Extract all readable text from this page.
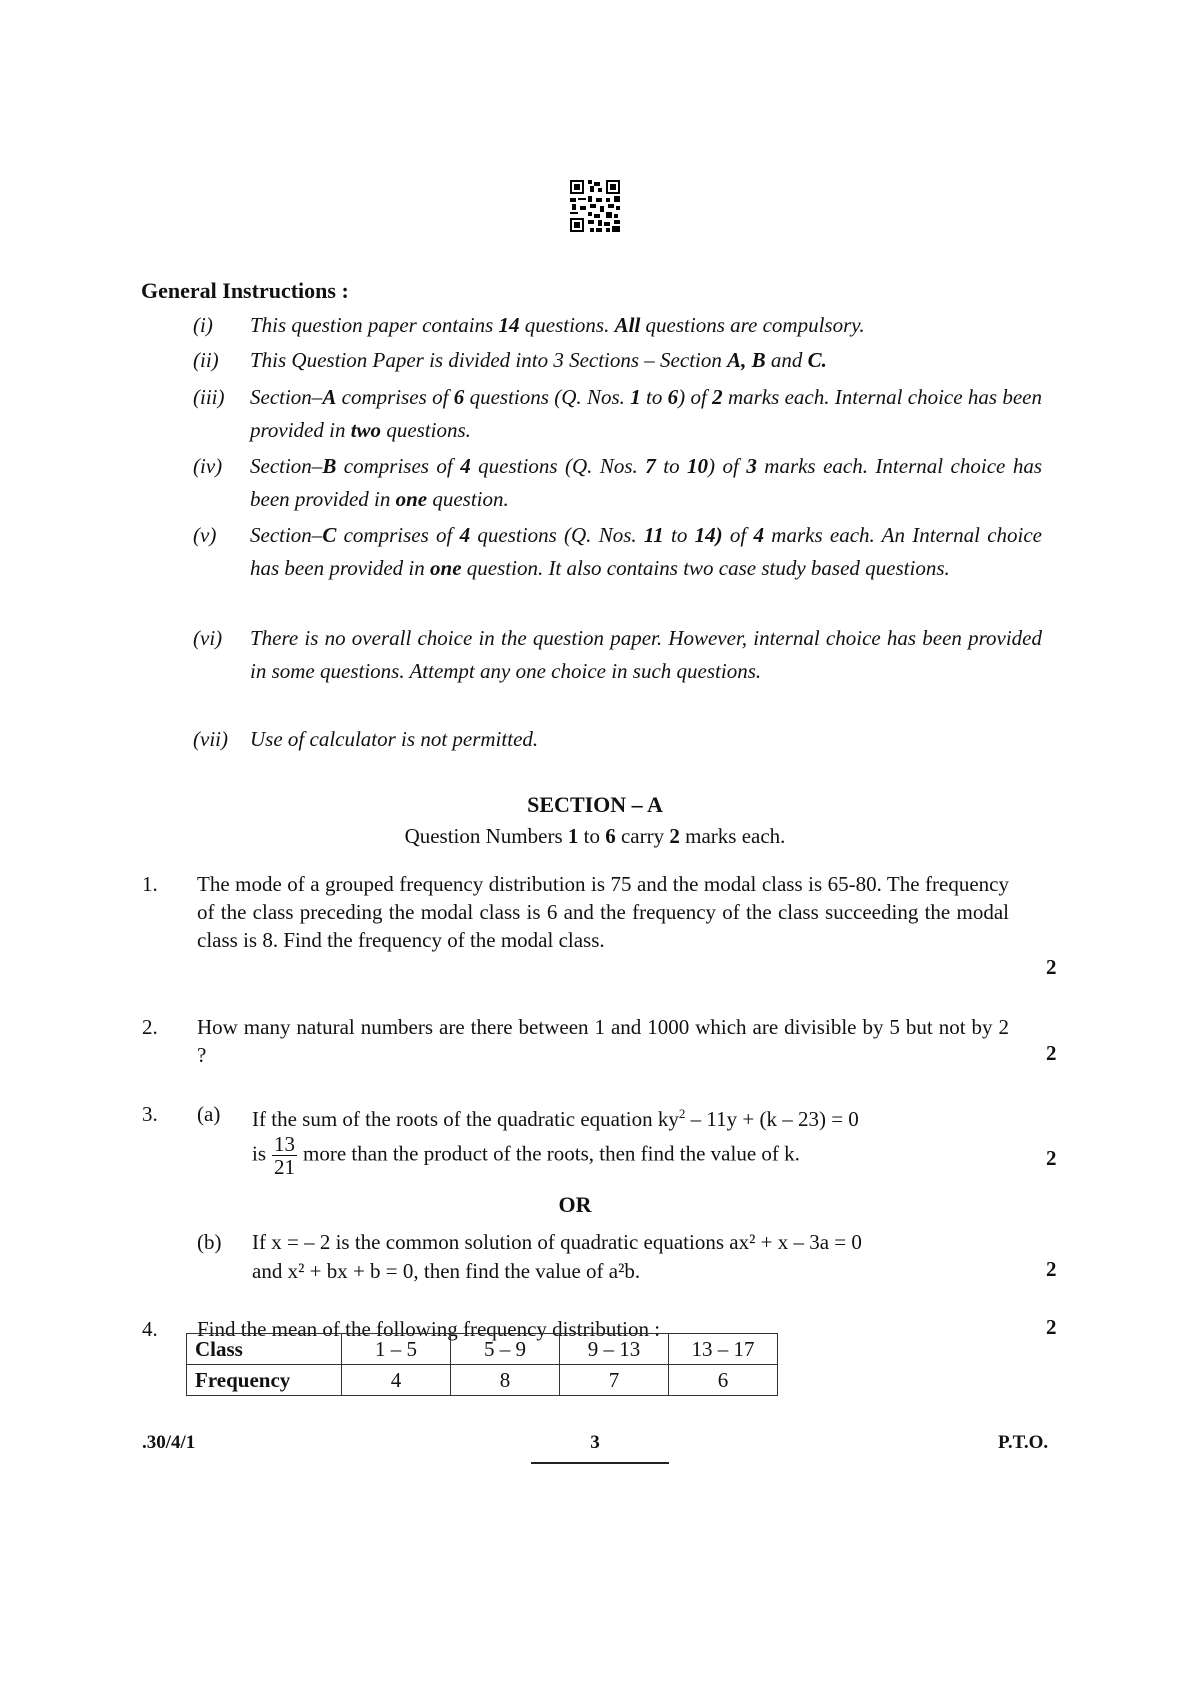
General Instructions :
(i) This question paper contains 14 questions. All questions are compulsory.
(ii) This Question Paper is divided into 3 Sections – Section A, B and C.
(iii) Section–A comprises of 6 questions (Q. Nos. 1 to 6) of 2 marks each. Internal choice has been provided in two questions.
(iv) Section–B comprises of 4 questions (Q. Nos. 7 to 10) of 3 marks each. Internal choice has been provided in one question.
(v) Section–C comprises of 4 questions (Q. Nos. 11 to 14) of 4 marks each. An Internal choice has been provided in one question. It also contains two case study based questions.
(vi) There is no overall choice in the question paper. However, internal choice has been provided in some questions. Attempt any one choice in such questions.
(vii) Use of calculator is not permitted.
SECTION – A
Question Numbers 1 to 6 carry 2 marks each.
1. The mode of a grouped frequency distribution is 75 and the modal class is 65-80. The frequency of the class preceding the modal class is 6 and the frequency of the class succeeding the modal class is 8. Find the frequency of the modal class.
2
2. How many natural numbers are there between 1 and 1000 which are divisible by 5 but not by 2 ?	2
3. (a) If the sum of the roots of the quadratic equation $ky^2 - 11y + (k - 23) = 0$
is $\frac{13}{21}$ more than the product of the roots, then find the value of k.	2
OR
(b) If x = – 2 is the common solution of quadratic equations ax² + x – 3a = 0
and x² + bx + b = 0, then find the value of a²b.	2
4. Find the mean of the following frequency distribution :	2
Class	1 – 5	5 – 9	9 – 13	13 – 17
Frequency	4	8	7	6
.30/4/1	3	P.T.O.
